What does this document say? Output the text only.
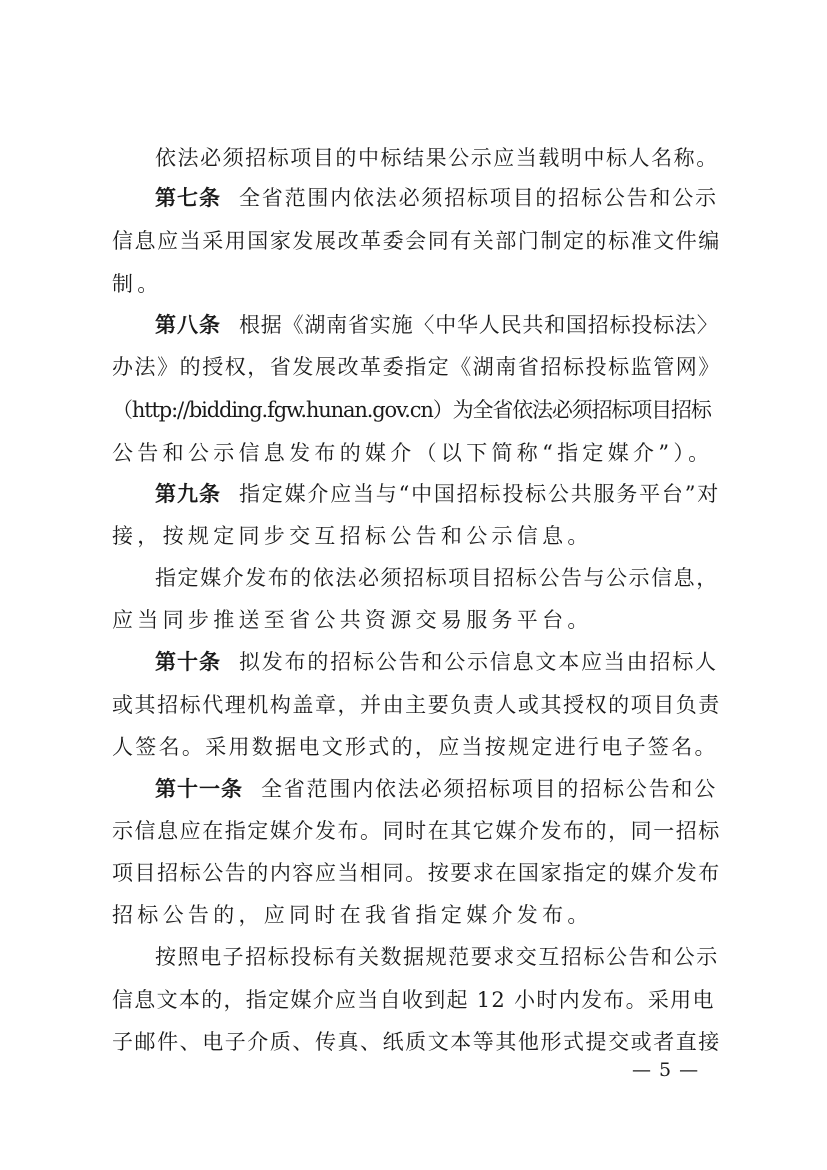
依法必须招标项目的中标结果公示应当载明中标人名称。
第七条 全省范围内依法必须招标项目的招标公告和公示
信息应当采用国家发展改革委会同有关部门制定的标准文件编
制。
第八条 根据《湖南省实施〈中华人民共和国招标投标法〉
办法》的授权，省发展改革委指定《湖南省招标投标监管网》
（http://bidding.fgw.hunan.gov.cn）为全省依法必须招标项目招标
公告和公示信息发布的媒介（以下简称“指定媒介”）。
第九条 指定媒介应当与“中国招标投标公共服务平台”对
接，按规定同步交互招标公告和公示信息。
指定媒介发布的依法必须招标项目招标公告与公示信息，
应当同步推送至省公共资源交易服务平台。
第十条 拟发布的招标公告和公示信息文本应当由招标人
或其招标代理机构盖章，并由主要负责人或其授权的项目负责
人签名。采用数据电文形式的，应当按规定进行电子签名。
第十一条 全省范围内依法必须招标项目的招标公告和公
示信息应在指定媒介发布。同时在其它媒介发布的，同一招标
项目招标公告的内容应当相同。按要求在国家指定的媒介发布
招标公告的，应同时在我省指定媒介发布。
按照电子招标投标有关数据规范要求交互招标公告和公示
信息文本的，指定媒介应当自收到起 12 小时内发布。采用电
子邮件、电子介质、传真、纸质文本等其他形式提交或者直接
— 5 —
